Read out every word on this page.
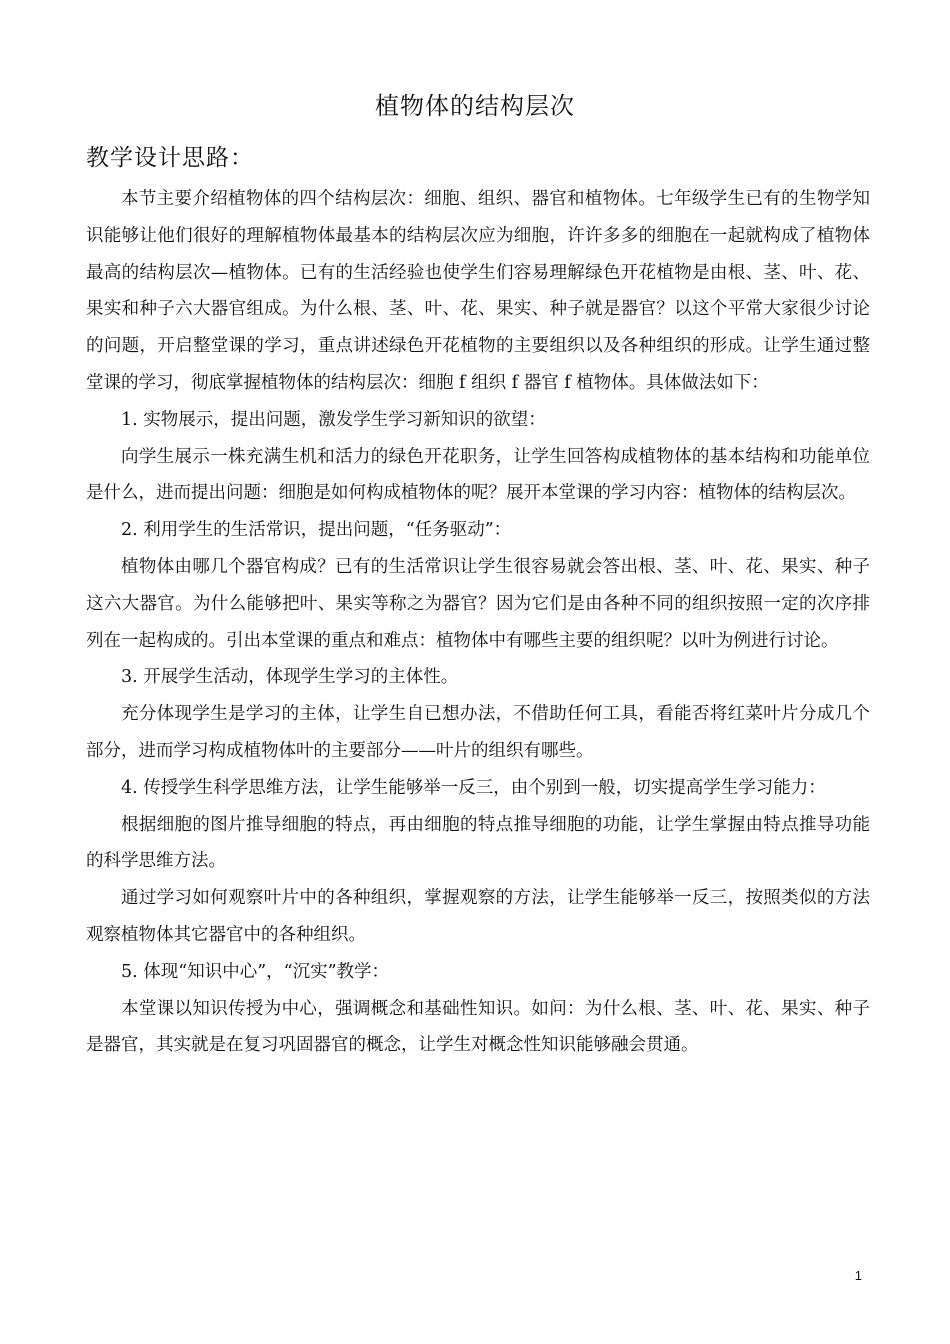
植物体的结构层次
教学设计思路：

本节主要介绍植物体的四个结构层次：细胞、组织、器官和植物体。七年级学生已有的生物学知识能够让他们很好的理解植物体最基本的结构层次应为细胞，许许多多的细胞在一起就构成了植物体最高的结构层次—植物体。已有的生活经验也使学生们容易理解绿色开花植物是由根、茎、叶、花、果实和种子六大器官组成。为什么根、茎、叶、花、果实、种子就是器官？以这个平常大家很少讨论的问题，开启整堂课的学习，重点讲述绿色开花植物的主要组织以及各种组织的形成。让学生通过整堂课的学习，彻底掌握植物体的结构层次：细胞 f 组织 f 器官 f 植物体。具体做法如下：

1. 实物展示，提出问题，激发学生学习新知识的欲望：

向学生展示一株充满生机和活力的绿色开花职务，让学生回答构成植物体的基本结构和功能单位是什么，进而提出问题：细胞是如何构成植物体的呢？展开本堂课的学习内容：植物体的结构层次。

2. 利用学生的生活常识，提出问题，“任务驱动”：

植物体由哪几个器官构成？已有的生活常识让学生很容易就会答出根、茎、叶、花、果实、种子这六大器官。为什么能够把叶、果实等称之为器官？因为它们是由各种不同的组织按照一定的次序排列在一起构成的。引出本堂课的重点和难点：植物体中有哪些主要的组织呢？以叶为例进行讨论。

3. 开展学生活动，体现学生学习的主体性。

充分体现学生是学习的主体，让学生自已想办法，不借助任何工具，看能否将红菜叶片分成几个部分，进而学习构成植物体叶的主要部分——叶片的组织有哪些。

4. 传授学生科学思维方法，让学生能够举一反三，由个别到一般，切实提高学生学习能力：

根据细胞的图片推导细胞的特点，再由细胞的特点推导细胞的功能，让学生掌握由特点推导功能的科学思维方法。

通过学习如何观察叶片中的各种组织，掌握观察的方法，让学生能够举一反三，按照类似的方法观察植物体其它器官中的各种组织。

5. 体现“知识中心”，“沉实”教学：

本堂课以知识传授为中心，强调概念和基础性知识。如问：为什么根、茎、叶、花、果实、种子是器官，其实就是在复习巩固器官的概念，让学生对概念性知识能够融会贯通。

1
